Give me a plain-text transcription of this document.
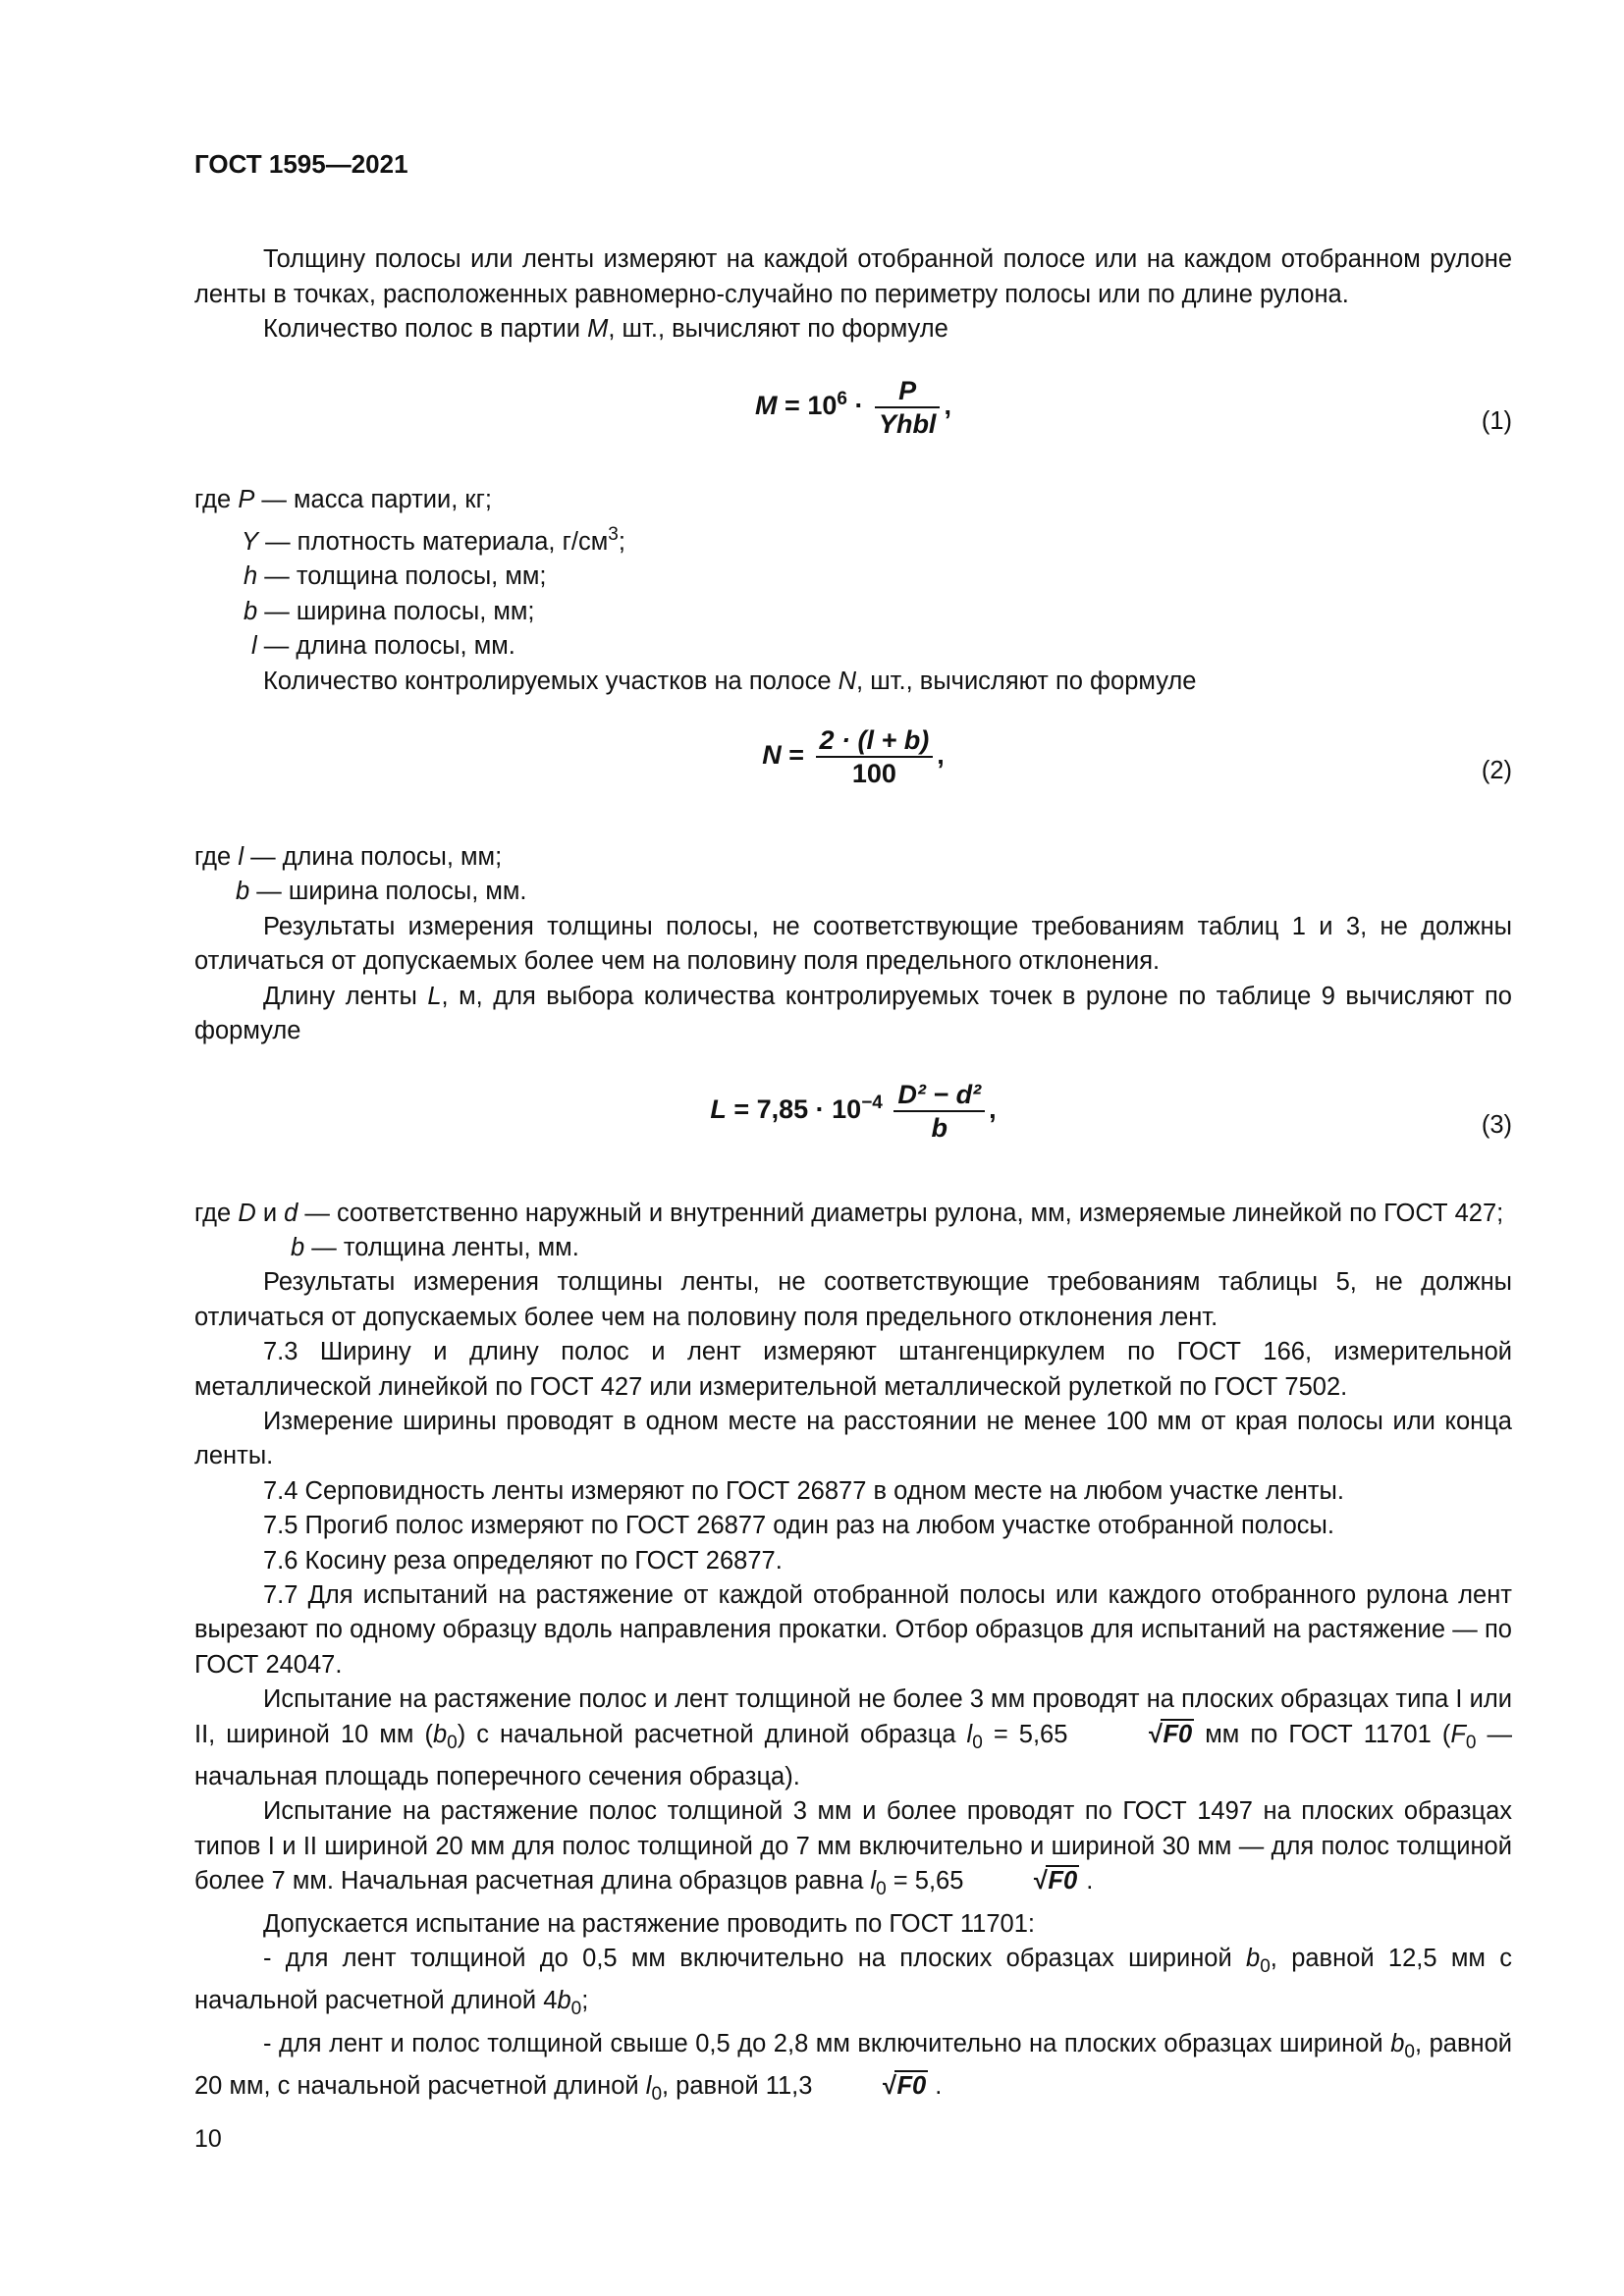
ГОСТ 1595—2021

Толщину полосы или ленты измеряют на каждой отобранной полосе или на каждом отобранном рулоне ленты в точках, расположенных равномерно-случайно по периметру полосы или по длине рулона.

Количество полос в партии M, шт., вычисляют по формуле

$M = 10^6 \cdot \frac{P}{\text{Yhbl}}$ ,
(1)
где P — масса партии, кг;
Y — плотность материала, $г/см^3$;
h — толщина полосы, мм;
b — ширина полосы, мм;
l — длина полосы, мм.

Количество контролируемых участков на полосе N, шт., вычисляют по формуле

$N = \frac{2 \cdot (l + b)}{100}$ ,
(2)
где l — длина полосы, мм;
b — ширина полосы, мм.

Результаты измерения толщины полосы, не соответствующие требованиям таблиц 1 и 3, не должны отличаться от допускаемых более чем на половину поля предельного отклонения.

Длину ленты L, м, для выбора количества контролируемых точек в рулоне по таблице 9 вычисляют по формуле

$L = 7,85 \cdot 10^{-4} \frac{\text{D² − d²}}{b}$ ,
(3)

где D и d — соответственно наружный и внутренний диаметры рулона, мм, измеряемые линейкой по ГОСТ 427;

b — толщина ленты, мм.

Результаты измерения толщины ленты, не соответствующие требованиям таблицы 5, не должны отличаться от допускаемых более чем на половину поля предельного отклонения лент.

7.3 Ширину и длину полос и лент измеряют штангенциркулем по ГОСТ 166, измерительной металлической линейкой по ГОСТ 427 или измерительной металлической рулеткой по ГОСТ 7502.

Измерение ширины проводят в одном месте на расстоянии не менее 100 мм от края полосы или конца ленты.

7.4 Серповидность ленты измеряют по ГОСТ 26877 в одном месте на любом участке ленты.

7.5 Прогиб полос измеряют по ГОСТ 26877 один раз на любом участке отобранной полосы.

7.6 Косину реза определяют по ГОСТ 26877.

7.7 Для испытаний на растяжение от каждой отобранной полосы или каждого отобранного рулона лент вырезают по одному образцу вдоль направления прокатки. Отбор образцов для испытаний на растяжение — по ГОСТ 24047.

Испытание на растяжение полос и лент толщиной не более 3 мм проводят на плоских образцах типа I или II, шириной 10 мм $(b_0)$ с начальной расчетной длиной образца $l_0 = 5,65$	√F0 мм по ГОСТ 11701 ($F_0$ — начальная площадь поперечного сечения образца).

Испытание на растяжение полос толщиной 3 мм и более проводят по ГОСТ 1497 на плоских образцах типов I и II шириной 20 мм для полос толщиной до 7 мм включительно и шириной 30 мм — для полос толщиной более 7 мм. Начальная расчетная длина образцов равна $l_0 = 5,65$	√F0 .

Допускается испытание на растяжение проводить по ГОСТ 11701:

- для лент толщиной до 0,5 мм включительно на плоских образцах шириной $b_0$, равной 12,5 мм с начальной расчетной длиной $4b_0$;

- для лент и полос толщиной свыше 0,5 до 2,8 мм включительно на плоских образцах шириной $b_0$, равной 20 мм, с начальной расчетной длиной $l_0$, равной 11,3	√F0 .

10
